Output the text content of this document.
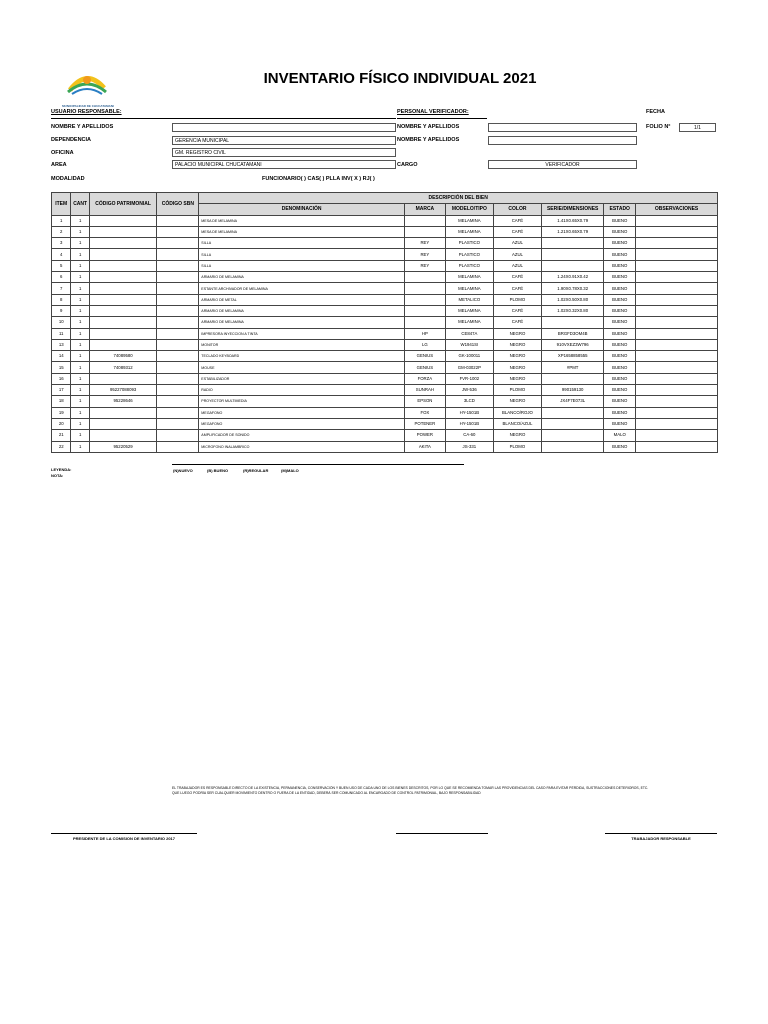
MUNICIPALIDAD DE CHUCATAMANI
INVENTARIO FÍSICO INDIVIDUAL 2021
USUARIO RESPONSABLE:	PERSONAL VERIFICADOR:	FECHA
NOMBRE Y APELLIDOS	NOMBRE Y APELLIDOS	FOLIO N°	1/1
DEPENDENCIA	GERENCIA MUNICIPAL	NOMBRE Y APELLIDOS
OFICINA	GM. REGISTRO CIVIL
AREA	PALACIO MUNICIPAL CHUCATAMANI	CARGO	VERIFICADOR
MODALIDAD	FUNCIONARIO( ) CAS( ) PLLA INV( X ) RJ( )
ITEM	CANT	CÓDIGO PATRIMONIAL	CÓDIGO SBN	DESCRIPCIÓN DEL BIEN						
				DENOMINACIÓN	MARCA	MODELO/TIPO	COLOR	SERIE/DIMENSIONES	ESTADO	OBSERVACIONES
1	1			MESA DE MELAMINA		MELAMINA	CAFÉ	1.41X0.65X0.79	BUENO	
2	1			MESA DE MELAMINA		MELAMINA	CAFÉ	1.21X0.65X0.79	BUENO	
3	1			SILLA	REY	PLASTICO	AZUL		BUENO	
4	1			SILLA	REY	PLASTICO	AZUL		BUENO	
5	1			SILLA	REY	PLASTICO	AZUL		BUENO	
6	1			ARMARIO DE MELAMINA		MELAMINA	CAFÉ	1.24X0.91X0.42	BUENO	
7	1			ESTANTE ARCHIVADOR DE MELAMINA		MELAMINA	CAFÉ	1.90X0.78X0.32	BUENO	
8	1			ARMARIO DE METAL		METALICO	PLOMO	1.02X0.50X0.80	BUENO	
9	1			ARMARIO DE MELAMINA		MELAMINA	CAFÉ	1.02X0.32X0.80	BUENO	
10	1			ARMARIO DE MELAMINA		MELAMINA	CAFÉ		BUENO	
11	1			IMPRESORA INYECCION A TINTA	HP	CE847A	NEGRO	BRGFD3OM4B	BUENO	
13	1			MONITOR	LG	W1941SI	NEGRO	910VXEZ3W796	BUENO	
14	1	74089580		TECLADO KEYBOARD	GENIUS	GK-100011	NEGRO	XP1658858555	BUENO	
15	1	74089312		MOUSE	GENIUS	GM-03022P	NEGRO	#PMT	BUENO	
16	1			ESTABILIZADOR	FORZA	FVR-1002	NEGRO		BUENO	
17	1	95227088093		RADIO	SUNRAH	JW-536	PLOMO	990159130	BUENO	
18	1	95228646		PROYECTOR MULTIMEDIA	EPSON	3LCD	NEGRO	JX4F7E073L	BUENO	
19	1			MEGAFONO	FOX	HY-1501B	BLANCO/ROJO		BUENO	
20	1			MEGAFONO	POTENER	HY-1501B	BLANCO/AZUL		BUENO	
21	1			AMPLIFICADOR DE SONIDO	POWER	CA-60	NEGRO		MALO	
22	1	95220529		MICROFONO INALAMBRICO	AKITA	JS-331	PLOMO		BUENO	
LEYENDA:
NOTA:
(N)NUEVO	(B) BUENO	(R)REGULAR	(M)MALO
EL TRABAJADOR ES RESPONSABLE DIRECTO DE LA EXISTENCIA, PERMANENCIA, CONSERVACIÓN Y BUEN USO DE CADA UNO DE LOS BIENES DESCRITOS, POR LO QUE SE RECOMIENDA TOMAR LAS PROVIDENCIAS DEL CASO PARA EVITAR PÉRDIDA, SUSTRACCIONES DETERIOROS, ETC.
QUE LUEGO PODRÍA SER CUALQUIER MOVIMIENTO DENTRO O FUERA DE LA ENTIDAD, DEBERÁ SER COMUNICADO AL ENCARGADO DE CONTROL PATRIMONIAL, BAJO RESPONSABILIDAD
PRESIDENTE DE LA COMISION DE INVENTARIO 2017	TRABAJADOR RESPONSABLE
